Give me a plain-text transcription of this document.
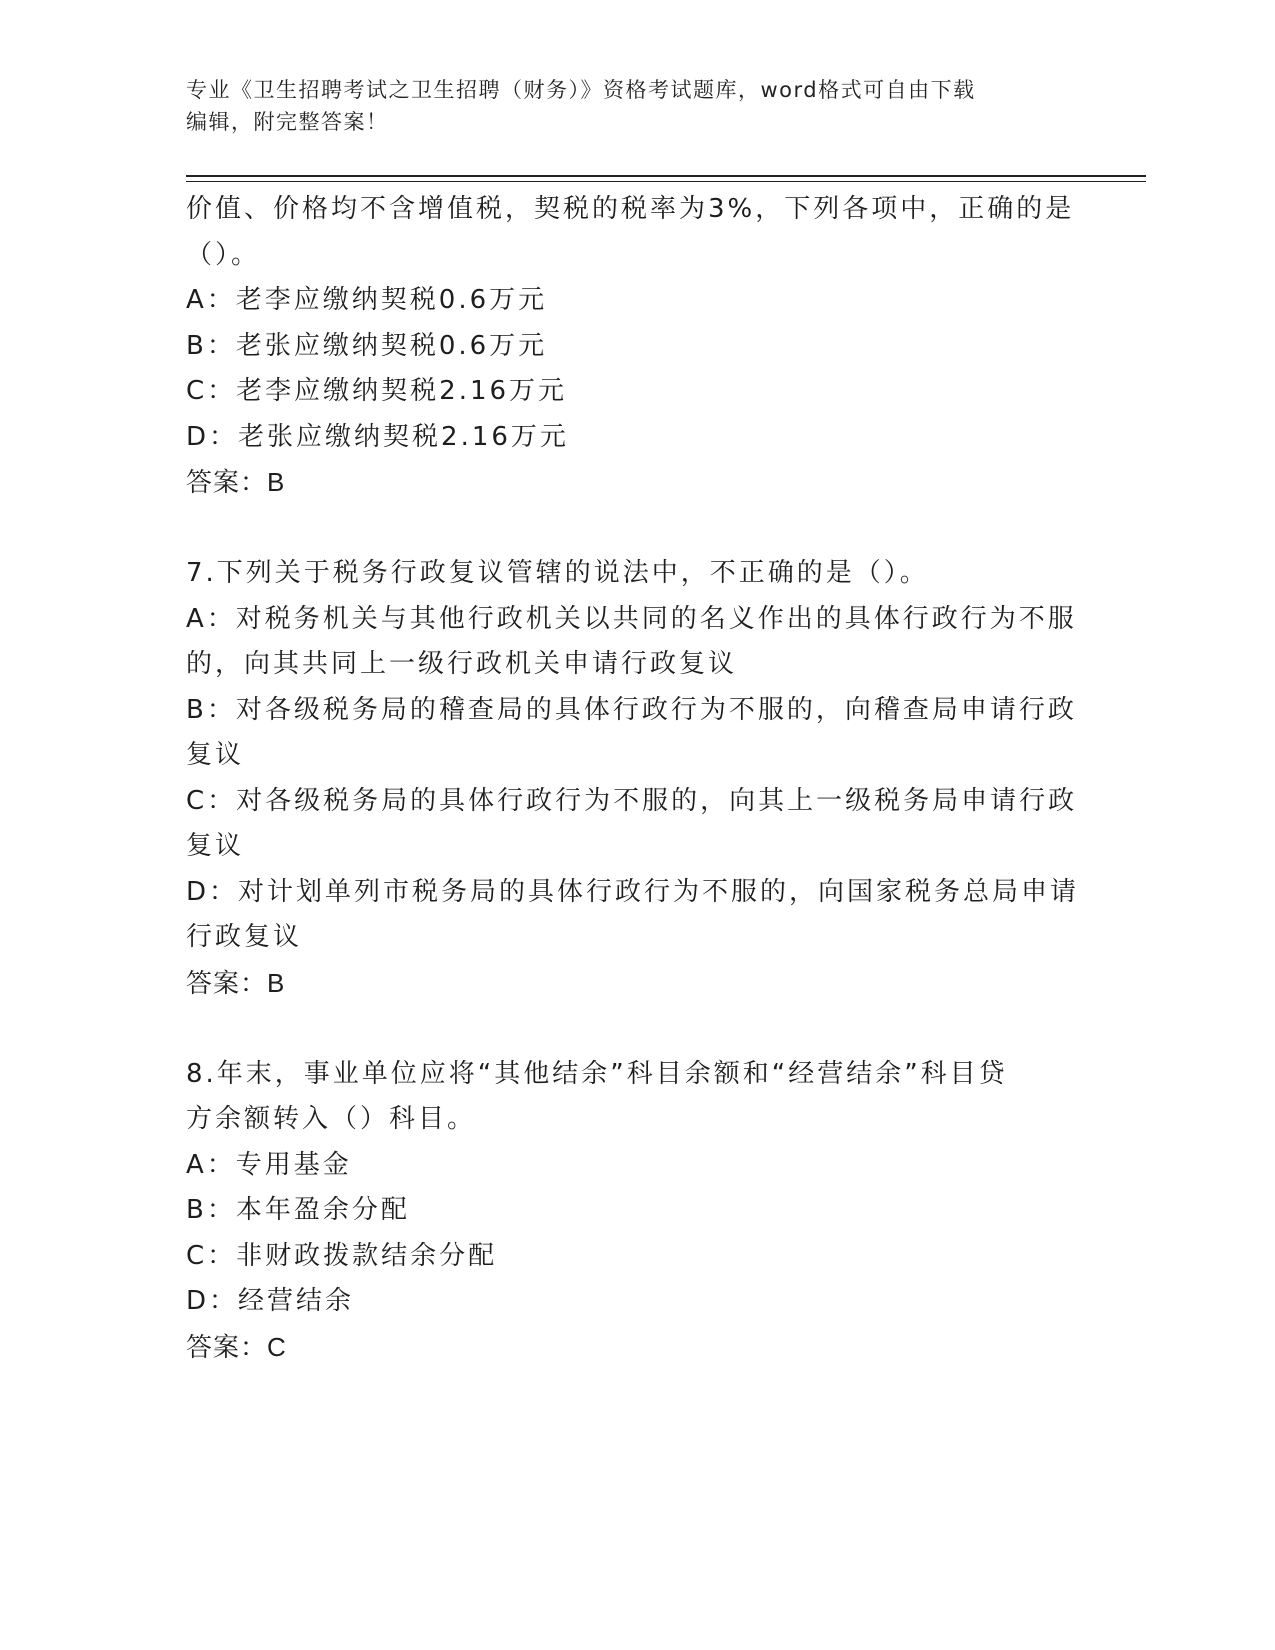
专业《卫生招聘考试之卫生招聘（财务）》资格考试题库，word格式可自由下载
编辑，附完整答案！
价值、价格均不含增值税，契税的税率为3%，下列各项中，正确的是
（）。
A：老李应缴纳契税0.6万元
B：老张应缴纳契税0.6万元
C：老李应缴纳契税2.16万元
D：老张应缴纳契税2.16万元
答案：B
7.下列关于税务行政复议管辖的说法中，不正确的是（）。
A：对税务机关与其他行政机关以共同的名义作出的具体行政行为不服
的，向其共同上一级行政机关申请行政复议
B：对各级税务局的稽查局的具体行政行为不服的，向稽查局申请行政
复议
C：对各级税务局的具体行政行为不服的，向其上一级税务局申请行政
复议
D：对计划单列市税务局的具体行政行为不服的，向国家税务总局申请
行政复议
答案：B
8.年末，事业单位应将“其他结余”科目余额和“经营结余”科目贷
方余额转入（）科目。
A：专用基金
B：本年盈余分配
C：非财政拨款结余分配
D：经营结余
答案：C
